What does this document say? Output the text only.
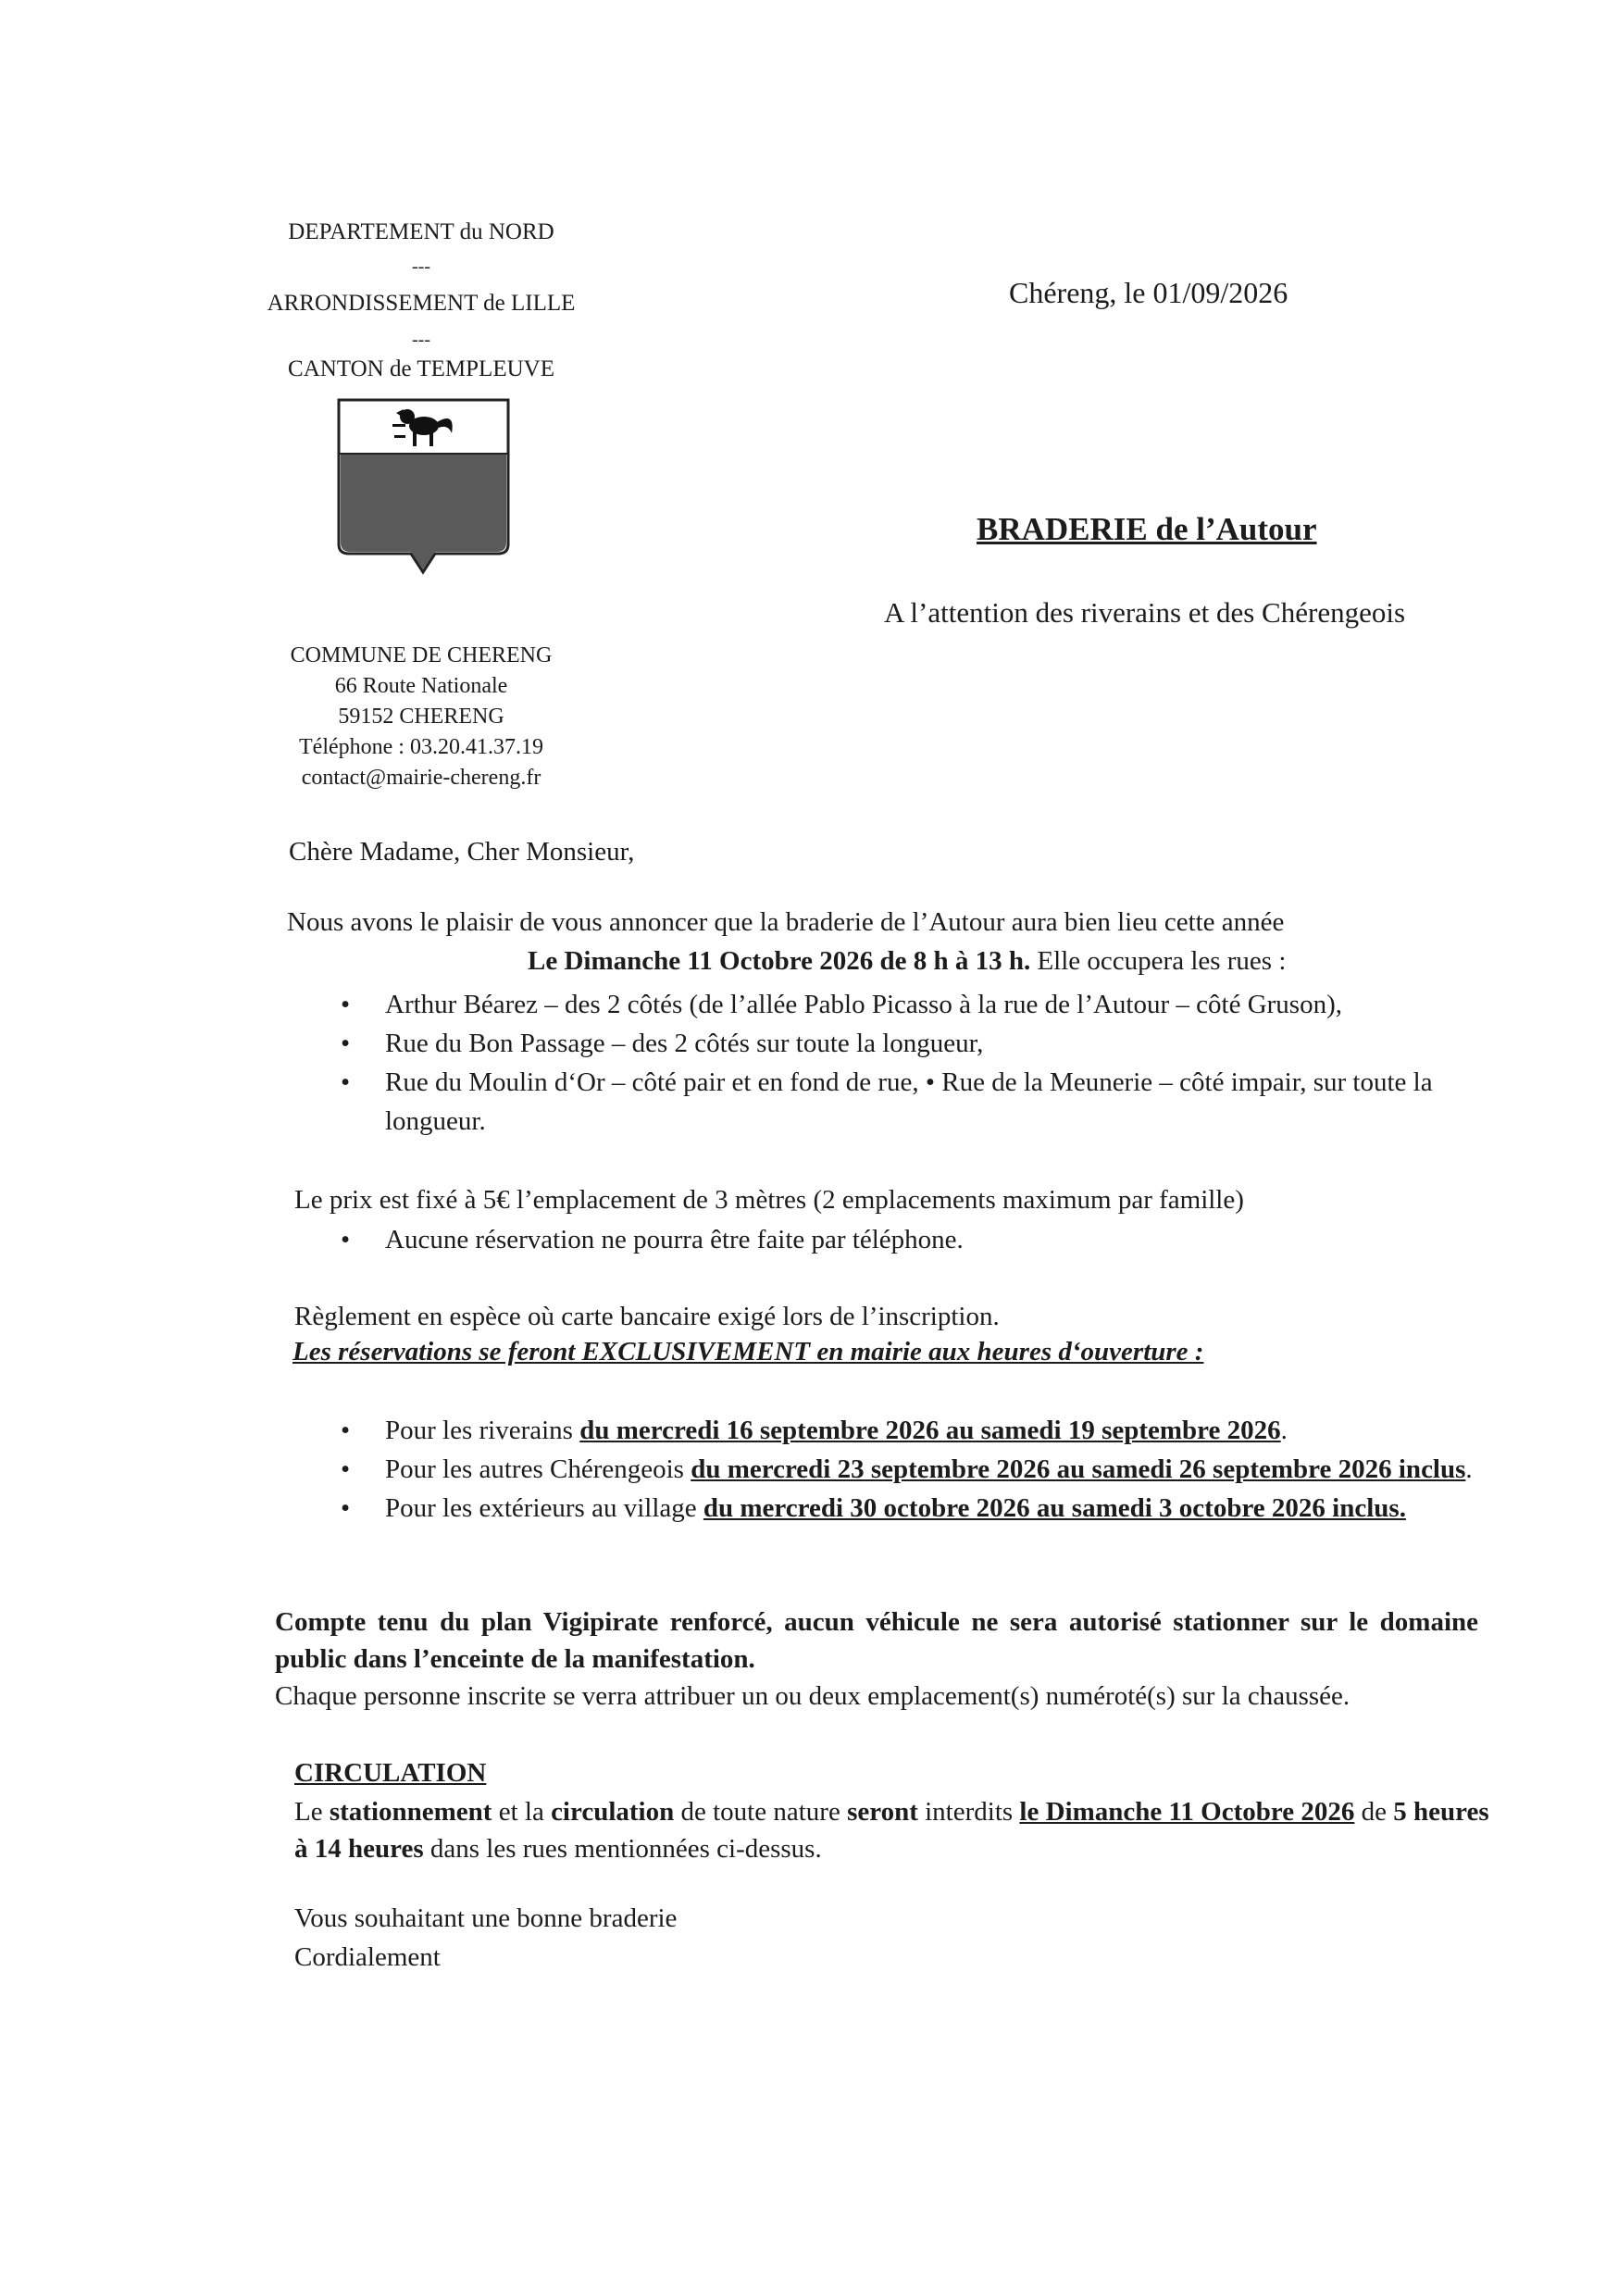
DEPARTEMENT du NORD
---
ARRONDISSEMENT de LILLE
---
CANTON de TEMPLEUVE
Chéreng, le 01/09/2026
BRADERIE de l’Autour
A l’attention des riverains et des Chérengeois
COMMUNE DE CHERENG
66 Route Nationale
59152 CHERENG
Téléphone : 03.20.41.37.19
contact@mairie-chereng.fr
Chère Madame, Cher Monsieur,
Nous avons le plaisir de vous annoncer que la braderie de l’Autour aura bien lieu cette année
Le Dimanche 11 Octobre 2026 de 8 h à 13 h. Elle occupera les rues :
• Arthur Béarez – des 2 côtés (de l’allée Pablo Picasso à la rue de l’Autour – côté Gruson),
• Rue du Bon Passage – des 2 côtés sur toute la longueur,
• Rue du Moulin d‘Or – côté pair et en fond de rue, • Rue de la Meunerie – côté impair, sur toute la longueur.
Le prix est fixé à 5€ l’emplacement de 3 mètres (2 emplacements maximum par famille)
• Aucune réservation ne pourra être faite par téléphone.
Règlement en espèce où carte bancaire exigé lors de l’inscription.
Les réservations se feront EXCLUSIVEMENT en mairie aux heures d‘ouverture :
• Pour les riverains du mercredi 16 septembre 2026 au samedi 19 septembre 2026.
• Pour les autres Chérengeois du mercredi 23 septembre 2026 au samedi 26 septembre 2026 inclus.
• Pour les extérieurs au village du mercredi 30 octobre 2026 au samedi 3 octobre 2026 inclus.
Compte tenu du plan Vigipirate renforcé, aucun véhicule ne sera autorisé stationner sur le domaine public dans l’enceinte de la manifestation.
Chaque personne inscrite se verra attribuer un ou deux emplacement(s) numéroté(s) sur la chaussée.
CIRCULATION
Le stationnement et la circulation de toute nature seront interdits le Dimanche 11 Octobre 2026 de 5 heures à 14 heures dans les rues mentionnées ci-dessus.
Vous souhaitant une bonne braderie
Cordialement
